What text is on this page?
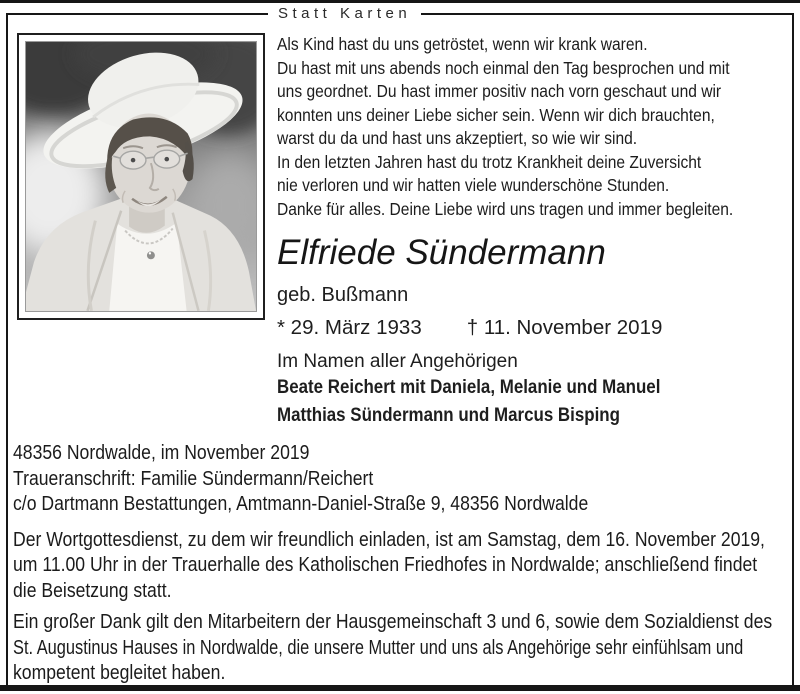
Statt Karten
Als Kind hast du uns getröstet, wenn wir krank waren.
Du hast mit uns abends noch einmal den Tag besprochen und mit
uns geordnet. Du hast immer positiv nach vorn geschaut und wir
konnten uns deiner Liebe sicher sein. Wenn wir dich brauchten,
warst du da und hast uns akzeptiert, so wie wir sind.
In den letzten Jahren hast du trotz Krankheit deine Zuversicht
nie verloren und wir hatten viele wunderschöne Stunden.
Danke für alles. Deine Liebe wird uns tragen und immer begleiten.
Elfriede Sündermann
geb. Bußmann
* 29. März 1933 † 11. November 2019
Im Namen aller Angehörigen
Beate Reichert mit Daniela, Melanie und Manuel
Matthias Sündermann und Marcus Bisping
48356 Nordwalde, im November 2019
Traueranschrift: Familie Sündermann/Reichert
c/o Dartmann Bestattungen, Amtmann-Daniel-Straße 9, 48356 Nordwalde
Der Wortgottesdienst, zu dem wir freundlich einladen, ist am Samstag, dem 16. November 2019,
um 11.00 Uhr in der Trauerhalle des Katholischen Friedhofes in Nordwalde; anschließend findet
die Beisetzung statt.
Ein großer Dank gilt den Mitarbeitern der Hausgemeinschaft 3 und 6, sowie dem Sozialdienst des
St. Augustinus Hauses in Nordwalde, die unsere Mutter und uns als Angehörige sehr einfühlsam und
kompetent begleitet haben.
